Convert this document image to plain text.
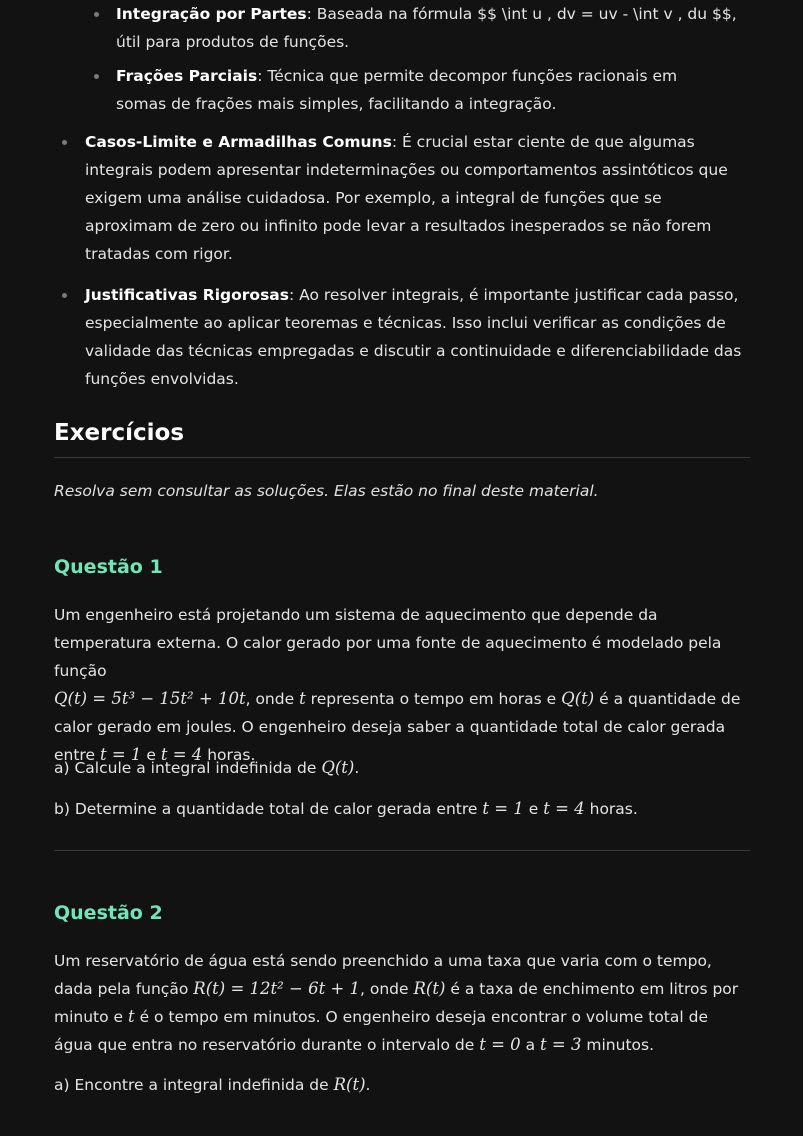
Integração por Partes: Baseada na fórmula $$ \int u , dv = uv - \int v , du $$, útil para produtos de funções.
Frações Parciais: Técnica que permite decompor funções racionais em somas de frações mais simples, facilitando a integração.
Casos-Limite e Armadilhas Comuns: É crucial estar ciente de que algumas integrais podem apresentar indeterminações ou comportamentos assintóticos que exigem uma análise cuidadosa. Por exemplo, a integral de funções que se aproximam de zero ou infinito pode levar a resultados inesperados se não forem tratadas com rigor.
Justificativas Rigorosas: Ao resolver integrais, é importante justificar cada passo, especialmente ao aplicar teoremas e técnicas. Isso inclui verificar as condições de validade das técnicas empregadas e discutir a continuidade e diferenciabilidade das funções envolvidas.
Exercícios
Resolva sem consultar as soluções. Elas estão no final deste material.
Questão 1
Um engenheiro está projetando um sistema de aquecimento que depende da temperatura externa. O calor gerado por uma fonte de aquecimento é modelado pela função
Q(t) = 5t³ − 15t² + 10t, onde t representa o tempo em horas e Q(t) é a quantidade de calor gerado em joules. O engenheiro deseja saber a quantidade total de calor gerada entre t = 1 e t = 4 horas.
a) Calcule a integral indefinida de Q(t).
b) Determine a quantidade total de calor gerada entre t = 1 e t = 4 horas.
Questão 2
Um reservatório de água está sendo preenchido a uma taxa que varia com o tempo, dada pela função R(t) = 12t² − 6t + 1, onde R(t) é a taxa de enchimento em litros por minuto e t é o tempo em minutos. O engenheiro deseja encontrar o volume total de água que entra no reservatório durante o intervalo de t = 0 a t = 3 minutos.
a) Encontre a integral indefinida de R(t).
